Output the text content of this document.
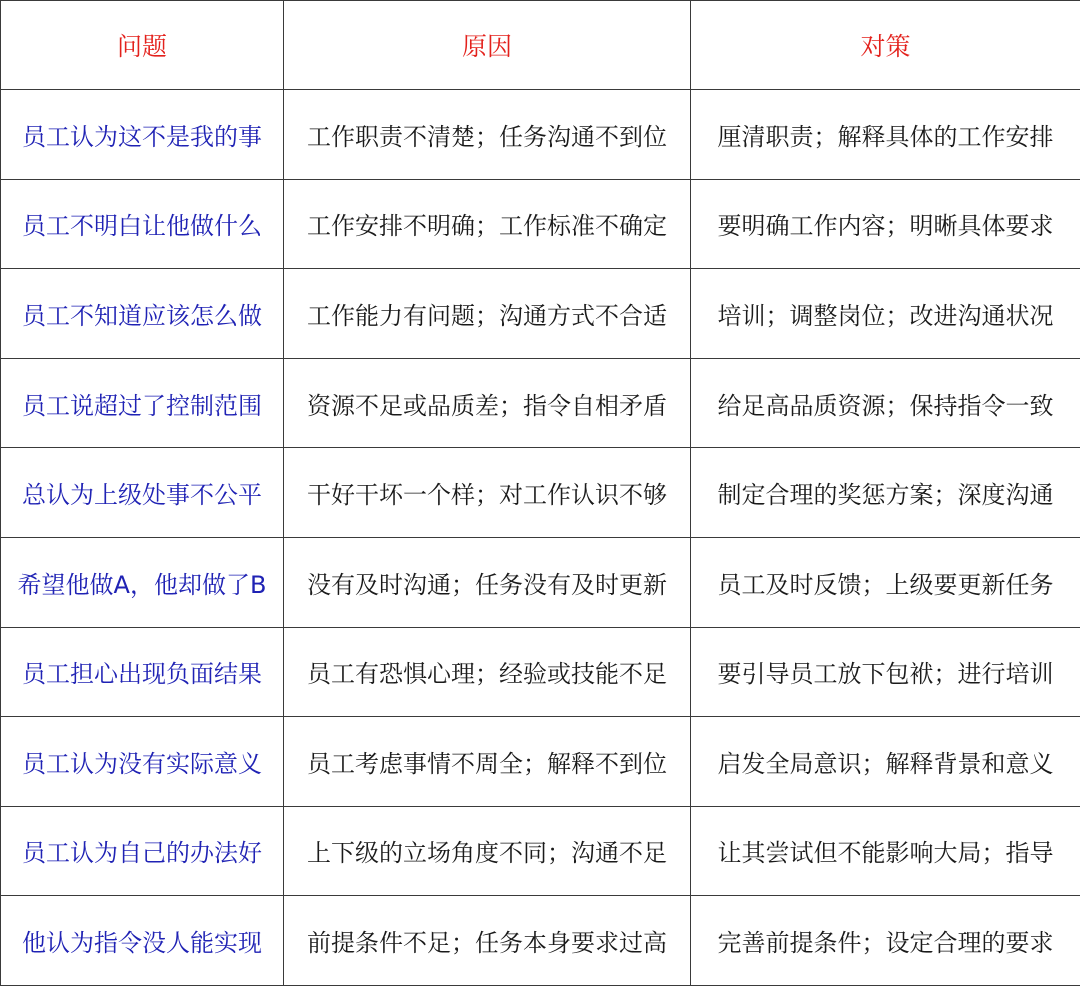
问题	原因	对策
员工认为这不是我的事	工作职责不清楚；任务沟通不到位	厘清职责；解释具体的工作安排
员工不明白让他做什么	工作安排不明确；工作标准不确定	要明确工作内容；明晰具体要求
员工不知道应该怎么做	工作能力有问题；沟通方式不合适	培训；调整岗位；改进沟通状况
员工说超过了控制范围	资源不足或品质差；指令自相矛盾	给足高品质资源；保持指令一致
总认为上级处事不公平	干好干坏一个样；对工作认识不够	制定合理的奖惩方案；深度沟通
希望他做A，他却做了B	没有及时沟通；任务没有及时更新	员工及时反馈；上级要更新任务
员工担心出现负面结果	员工有恐惧心理；经验或技能不足	要引导员工放下包袱；进行培训
员工认为没有实际意义	员工考虑事情不周全；解释不到位	启发全局意识；解释背景和意义
员工认为自己的办法好	上下级的立场角度不同；沟通不足	让其尝试但不能影响大局；指导
他认为指令没人能实现	前提条件不足；任务本身要求过高	完善前提条件；设定合理的要求
